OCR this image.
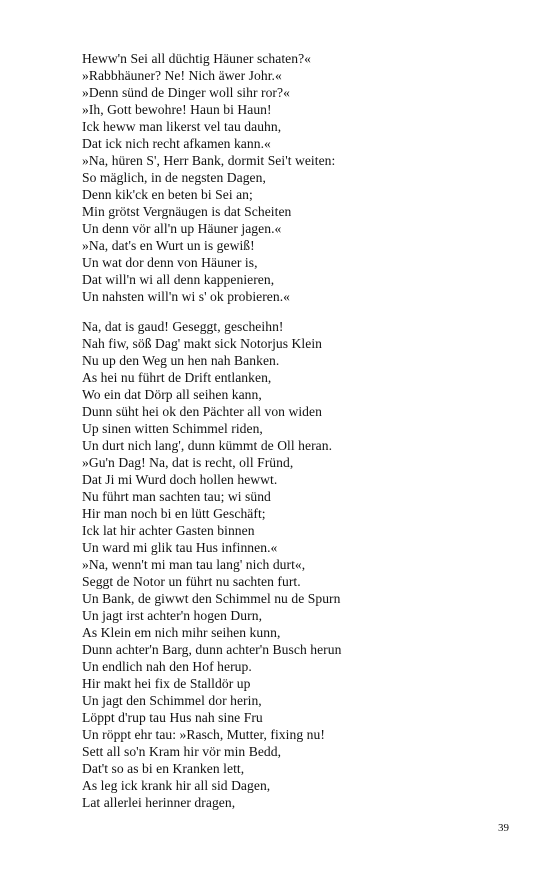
Heww'n Sei all düchtig Häuner schaten?«
»Rabbhäuner? Ne! Nich äwer Johr.«
»Denn sünd de Dinger woll sihr ror?«
»Ih, Gott bewohre! Haun bi Haun!
Ick heww man likerst vel tau dauhn,
Dat ick nich recht afkamen kann.«
»Na, hüren S', Herr Bank, dormit Sei't weiten:
So mäglich, in de negsten Dagen,
Denn kik'ck en beten bi Sei an;
Min grötst Vergnäugen is dat Scheiten
Un denn vör all'n up Häuner jagen.«
»Na, dat's en Wurt un is gewiß!
Un wat dor denn von Häuner is,
Dat will'n wi all denn kappenieren,
Un nahsten will'n wi s' ok probieren.«
Na, dat is gaud! Geseggt, gescheihn!
Nah fiw, söß Dag' makt sick Notorjus Klein
Nu up den Weg un hen nah Banken.
As hei nu führt de Drift entlanken,
Wo ein dat Dörp all seihen kann,
Dunn süht hei ok den Pächter all von widen
Up sinen witten Schimmel riden,
Un durt nich lang', dunn kümmt de Oll heran.
»Gu'n Dag! Na, dat is recht, oll Fründ,
Dat Ji mi Wurd doch hollen hewwt.
Nu führt man sachten tau; wi sünd
Hir man noch bi en lütt Geschäft;
Ick lat hir achter Gasten binnen
Un ward mi glik tau Hus infinnen.«
»Na, wenn't mi man tau lang' nich durt«,
Seggt de Notor un führt nu sachten furt.
Un Bank, de giwwt den Schimmel nu de Spurn
Un jagt irst achter'n hogen Durn,
As Klein em nich mihr seihen kunn,
Dunn achter'n Barg, dunn achter'n Busch herun
Un endlich nah den Hof herup.
Hir makt hei fix de Stalldör up
Un jagt den Schimmel dor herin,
Löppt d'rup tau Hus nah sine Fru
Un röppt ehr tau: »Rasch, Mutter, fixing nu!
Sett all so'n Kram hir vör min Bedd,
Dat't so as bi en Kranken lett,
As leg ick krank hir all sid Dagen,
Lat allerlei herinner dragen,
39
